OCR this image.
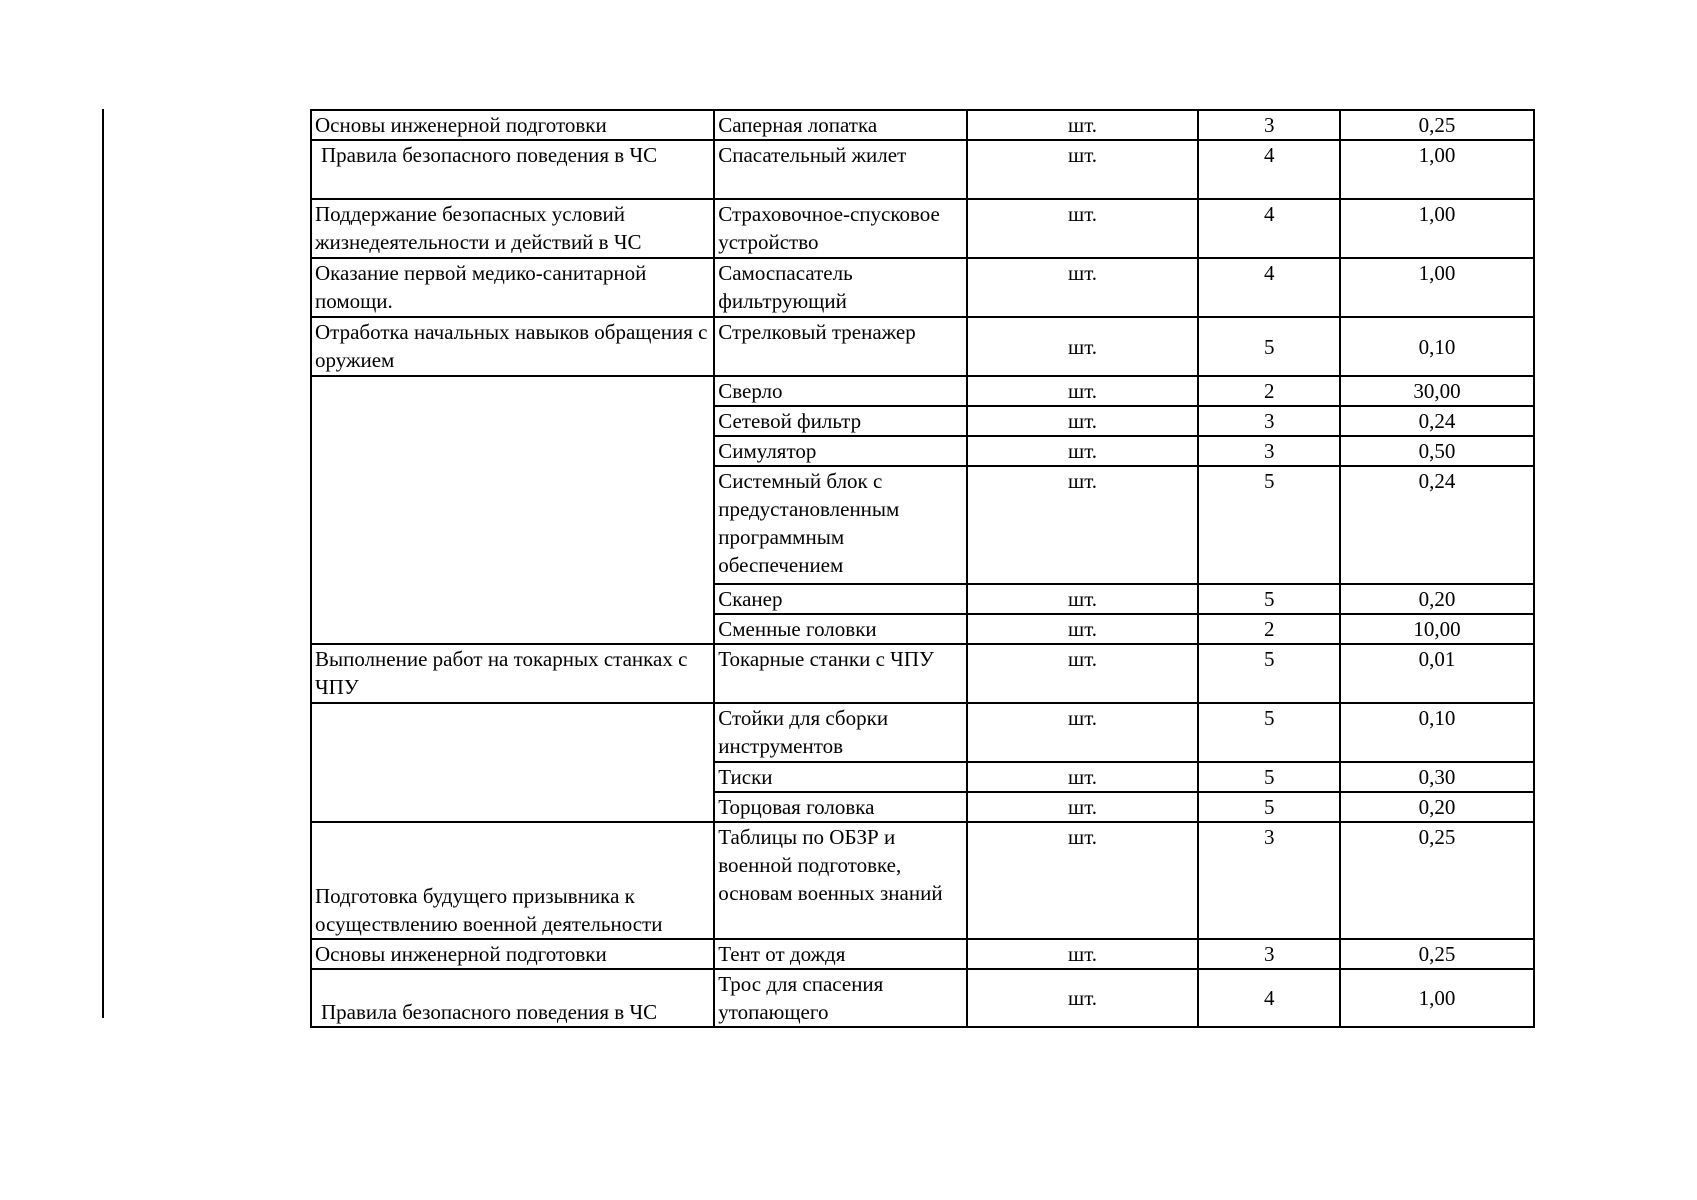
Основы инженерной подготовки	Саперная лопатка	шт.	3	0,25
Правила безопасного поведения в ЧС	Спасательный жилет	шт.	4	1,00
Поддержание безопасных условий жизнедеятельности и действий в ЧС	Страховочное-спусковое устройство	шт.	4	1,00
Оказание первой медико-санитарной помощи.	Самоспасатель фильтрующий	шт.	4	1,00
Отработка начальных навыков обращения с оружием	Стрелковый тренажер	шт.	5	0,10
	Сверло	шт.	2	30,00
	Сетевой фильтр	шт.	3	0,24
	Симулятор	шт.	3	0,50
	Системный блок с предустановленным программным обеспечением	шт.	5	0,24
	Сканер	шт.	5	0,20
	Сменные головки	шт.	2	10,00
Выполнение работ на токарных станках с ЧПУ	Токарные станки с ЧПУ	шт.	5	0,01
	Стойки для сборки инструментов	шт.	5	0,10
	Тиски	шт.	5	0,30
	Торцовая головка	шт.	5	0,20
Подготовка будущего призывника к осуществлению военной деятельности	Таблицы по ОБЗР и военной подготовке, основам военных знаний	шт.	3	0,25
Основы инженерной подготовки	Тент от дождя	шт.	3	0,25
Правила безопасного поведения в ЧС	Трос для спасения утопающего	шт.	4	1,00
